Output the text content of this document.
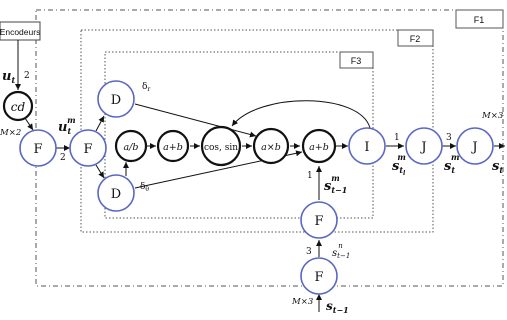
F1
F2
F3
Encodeurs
F	F
D
D
I	J	J
F
F
cd
a/b	a+b cos, sin a×b	a+b
$u_t$ 2
M×2	$u_tm$
2
$\delta_r$
$\delta_\theta$
1
$s_{t-1}m$
3 $s_{t-1}n$
M×3 $s_{t-1}$
1
$s_tlm$
3
$s_tm$
M×3
$s_t$
